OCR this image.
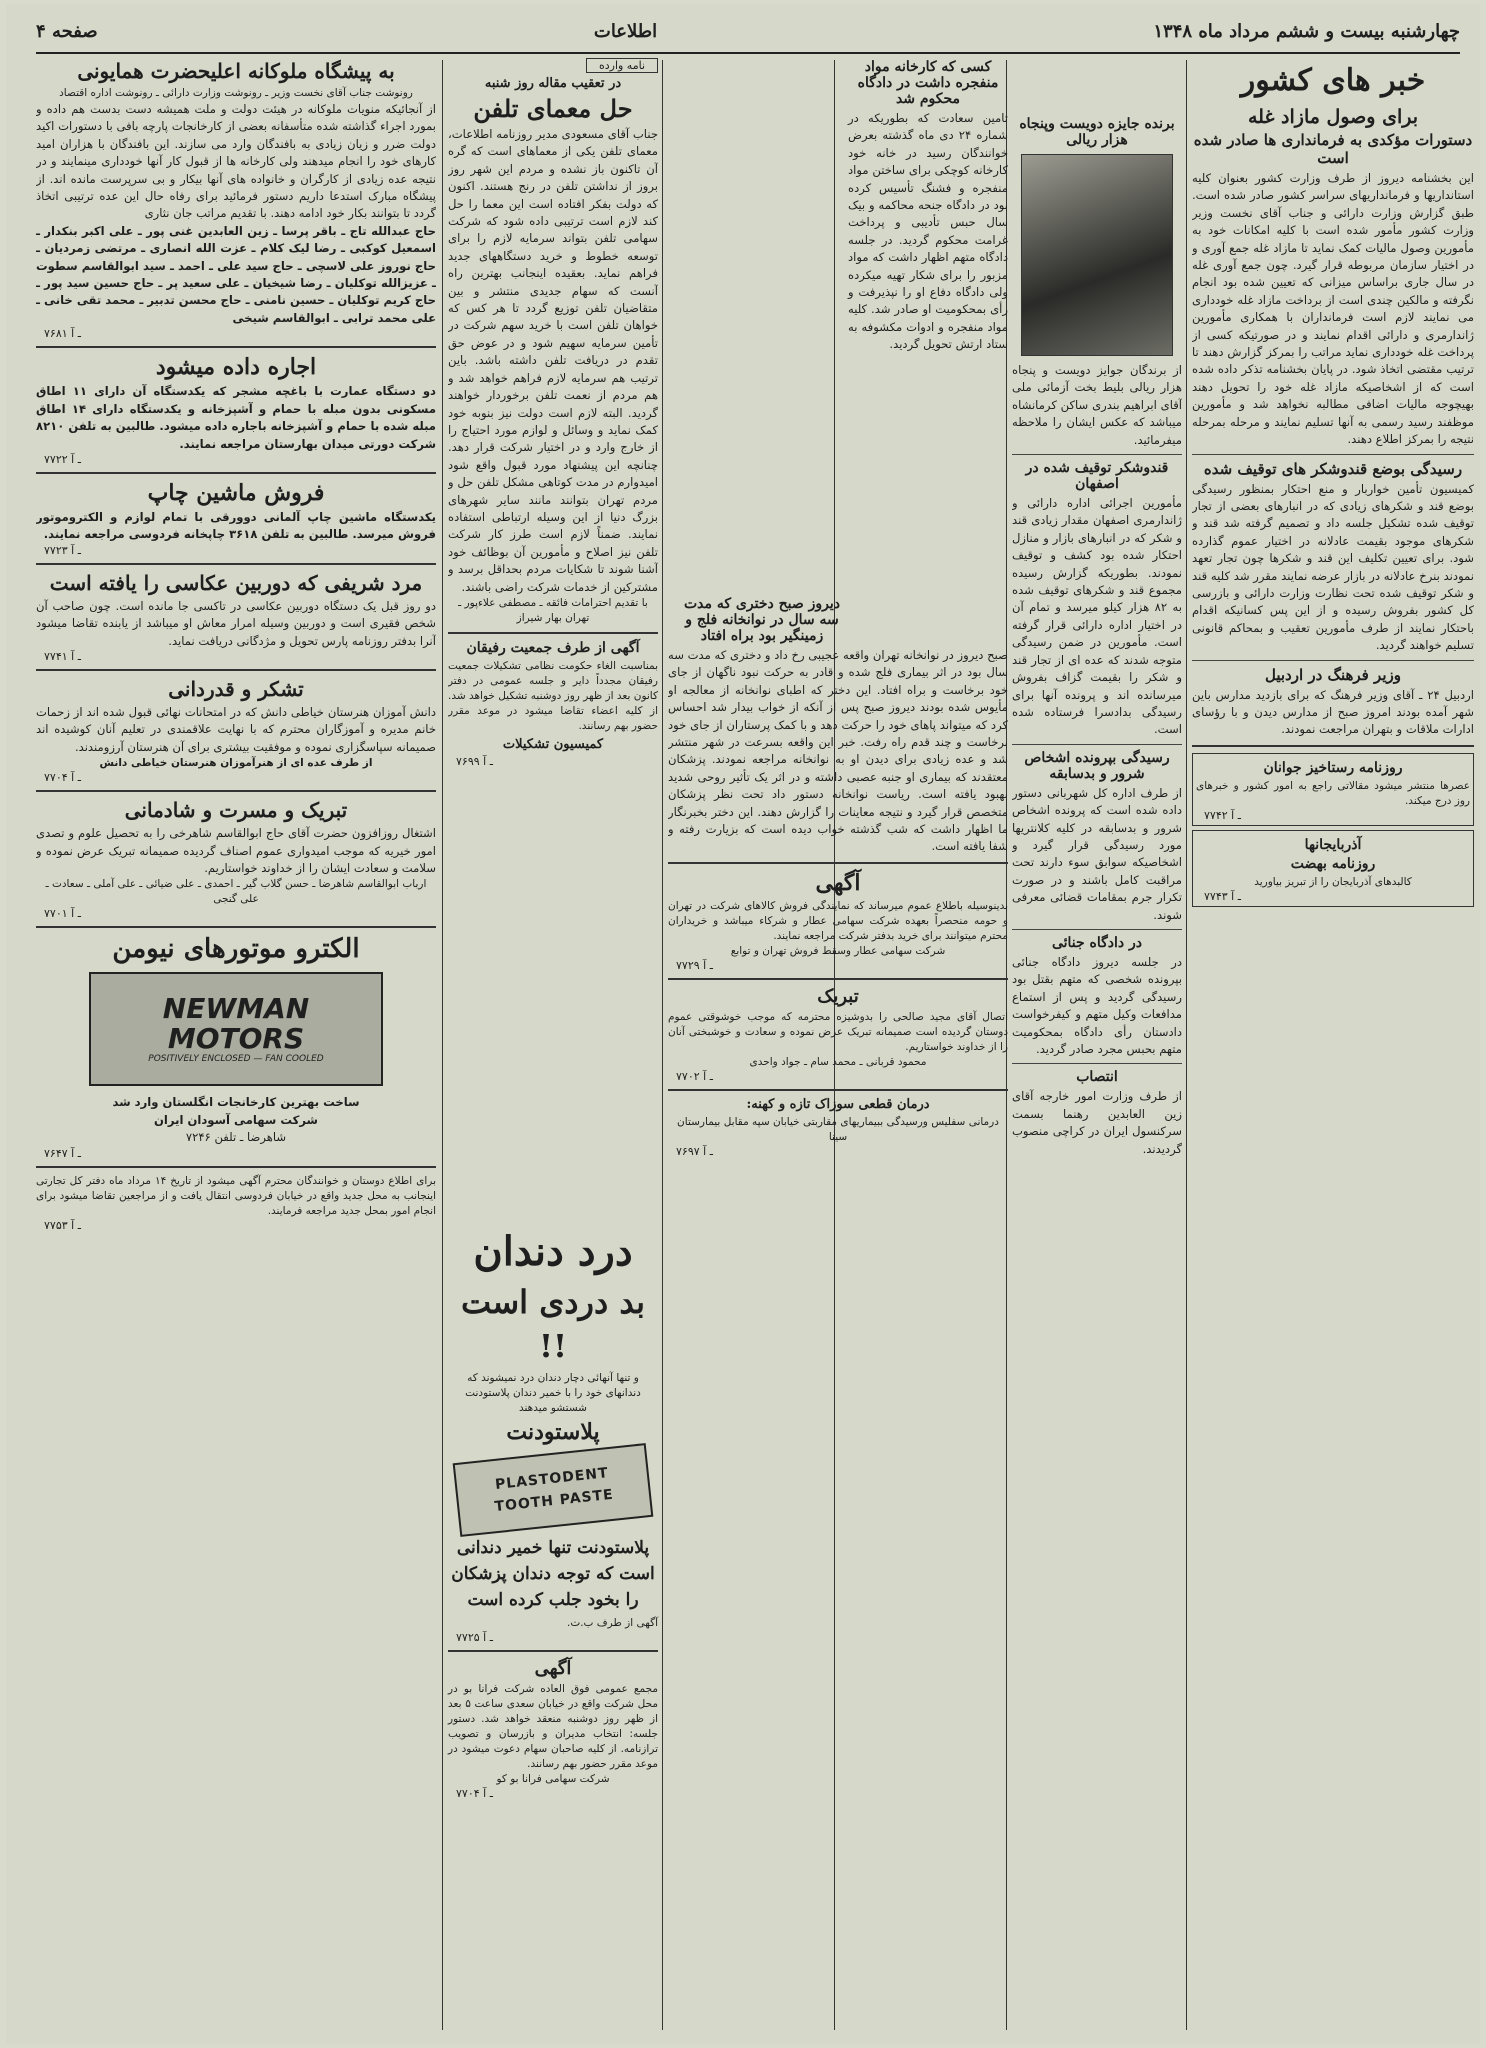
چهارشنبه بیست و ششم مرداد ماه ۱۳۴۸
اطلاعات
صفحه ۴
خبر های کشور
برای وصول مازاد غله
دستورات مؤکدی به فرمانداری ها صادر شده است

این بخشنامه دیروز از طرف وزارت کشور بعنوان کلیه استانداریها و فرمانداریهای سراسر کشور صادر شده است. طبق گزارش وزارت دارائی و جناب آقای نخست وزیر وزارت کشور مأمور شده است با کلیه امکانات خود به مأمورین وصول مالیات کمک نماید تا مازاد غله جمع آوری و در اختیار سازمان مربوطه قرار گیرد. چون جمع آوری غله در سال جاری براساس میزانی که تعیین شده بود انجام نگرفته و مالکین چندی است از برداخت مازاد غله خودداری می نمایند لازم است فرمانداران با همکاری مأمورین ژاندارمری و دارائی اقدام نمایند و در صورتیکه کسی از پرداخت غله خودداری نماید مراتب را بمرکز گزارش دهند تا ترتیب مقتضی اتخاذ شود. در پایان بخشنامه تذکر داده شده است که از اشخاصیکه مازاد غله خود را تحویل دهند بهیچوجه مالیات اضافی مطالبه نخواهد شد و مأمورین موظفند رسید رسمی به آنها تسلیم نمایند و مرحله بمرحله نتیجه را بمرکز اطلاع دهند.

رسیدگی بوضع قندوشکر های توقیف شده

کمیسیون تأمین خواربار و منع احتکار بمنظور رسیدگی بوضع قند و شکرهای زیادی که در انبارهای بعضی از تجار توقیف شده تشکیل جلسه داد و تصمیم گرفته شد قند و شکرهای موجود بقیمت عادلانه در اختیار عموم گذارده شود. برای تعیین تکلیف این قند و شکرها چون تجار تعهد نمودند بنرخ عادلانه در بازار عرضه نمایند مقرر شد کلیه قند و شکر توقیف شده تحت نظارت وزارت دارائی و بازرسی کل کشور بفروش رسیده و از این پس کسانیکه اقدام باحتکار نمایند از طرف مأمورین تعقیب و بمحاکم قانونی تسلیم خواهند گردید.

وزیر فرهنگ در اردبیل

اردبیل ۲۴ ـ آقای وزیر فرهنگ که برای بازدید مدارس باین شهر آمده بودند امروز صبح از مدارس دیدن و با رؤسای ادارات ملاقات و بتهران مراجعت نمودند.

روزنامه رستاخیز جوانان

عصرها منتشر میشود مقالاتی راجع به امور کشور و خبرهای روز درج میکند.

۷۷۴۲ ـ آ
آذربایجانها
روزنامه بهضت

کالبدهای آذربایجان را از تبریز بیاورید

۷۷۴۳ ـ آ
برنده جایزه دویست وپنجاه هزار ریالی

از برندگان جوایز دویست و پنجاه هزار ریالی بلیط بخت آزمائی ملی آقای ابراهیم بندری ساکن کرمانشاه میباشد که عکس ایشان را ملاحظه میفرمائید.

قندوشکر توقیف شده در اصفهان

مأمورین اجرائی اداره دارائی و ژاندارمری اصفهان مقدار زیادی قند و شکر که در انبارهای بازار و منازل احتکار شده بود کشف و توقیف نمودند. بطوریکه گزارش رسیده مجموع قند و شکرهای توقیف شده به ۸۲ هزار کیلو میرسد و تمام آن در اختیار اداره دارائی قرار گرفته است. مأمورین در ضمن رسیدگی متوجه شدند که عده ای از تجار قند و شکر را بقیمت گزاف بفروش میرسانده اند و پرونده آنها برای رسیدگی بدادسرا فرستاده شده است.

رسیدگی بپرونده اشخاص شرور و بدسابقه

از طرف اداره کل شهربانی دستور داده شده است که پرونده اشخاص شرور و بدسابقه در کلیه کلانتریها مورد رسیدگی قرار گیرد و اشخاصیکه سوابق سوء دارند تحت مراقبت کامل باشند و در صورت تکرار جرم بمقامات قضائی معرفی شوند.

در دادگاه جنائی

در جلسه دیروز دادگاه جنائی بپرونده شخصی که متهم بقتل بود رسیدگی گردید و پس از استماع مدافعات وکیل متهم و کیفرخواست دادستان رأی دادگاه بمحکومیت متهم بحبس مجرد صادر گردید.

انتصاب

از طرف وزارت امور خارجه آقای زین العابدین رهنما بسمت سرکنسول ایران در کراچی منصوب گردیدند.

کسی که کارخانه مواد منفجره داشت در دادگاه محکوم شد

تامین سعادت که بطوریکه در شماره ۲۴ دی ماه گذشته بعرض خوانندگان رسید در خانه خود کارخانه کوچکی برای ساختن مواد منفجره و فشنگ تأسیس کرده بود در دادگاه جنحه محاکمه و بیک سال حبس تأدیبی و پرداخت غرامت محکوم گردید. در جلسه دادگاه متهم اظهار داشت که مواد مزبور را برای شکار تهیه میکرده ولی دادگاه دفاع او را نپذیرفت و رأی بمحکومیت او صادر شد. کلیه مواد منفجره و ادوات مکشوفه به ستاد ارتش تحویل گردید.

دیروز صبح دختری که مدت سه سال در نوانخانه فلج و زمینگیر بود براه افتاد

صبح دیروز در نوانخانه تهران واقعه عجیبی رخ داد و دختری که مدت سه سال بود در اثر بیماری فلج شده و قادر به حرکت نبود ناگهان از جای خود برخاست و براه افتاد. این دختر که اطبای نوانخانه از معالجه او مأیوس شده بودند دیروز صبح پس از آنکه از خواب بیدار شد احساس کرد که میتواند پاهای خود را حرکت دهد و با کمک پرستاران از جای خود برخاست و چند قدم راه رفت. خبر این واقعه بسرعت در شهر منتشر شد و عده زیادی برای دیدن او به نوانخانه مراجعه نمودند. پزشکان معتقدند که بیماری او جنبه عصبی داشته و در اثر یک تأثیر روحی شدید بهبود یافته است. ریاست نوانخانه دستور داد تحت نظر پزشکان متخصص قرار گیرد و نتیجه معاینات را گزارش دهند. این دختر بخبرنگار ما اظهار داشت که شب گذشته خواب دیده است که بزیارت رفته و شفا یافته است.

آگهی

بدینوسیله باطلاع عموم میرساند که نمایندگی فروش کالاهای شرکت در تهران و حومه منحصراً بعهده شرکت سهامی عطار و شرکاء میباشد و خریداران محترم میتوانند برای خرید بدفتر شرکت مراجعه نمایند.

شرکت سهامی عطار وسقط فروش تهران و توابع

۷۷۲۹ ـ آ
تبریک

اتصال آقای مجید صالحی را بدوشیزه محترمه که موجب خوشوقتی عموم دوستان گردیده است صمیمانه تبریک عرض نموده و سعادت و خوشبختی آنان را از خداوند خواستاریم.

محمود قربانی ـ محمد سام ـ جواد واحدی

۷۷۰۲ ـ آ
درمان قطعی سوزاک تازه و کهنه:

درمانی سفلیس ورسیدگی ببیماریهای مقاربتی خیابان سپه مقابل بیمارستان سینا

۷۶۹۷ ـ آ
نامه وارده
در تعقیب مقاله روز شنبه
حل معمای تلفن

جناب آقای مسعودی مدیر روزنامه اطلاعات، معمای تلفن یکی از معماهای است که گره آن تاکنون باز نشده و مردم این شهر روز بروز از نداشتن تلفن در رنج هستند. اکنون که دولت بفکر افتاده است این معما را حل کند لازم است ترتیبی داده شود که شرکت سهامی تلفن بتواند سرمایه لازم را برای توسعه خطوط و خرید دستگاههای جدید فراهم نماید. بعقیده اینجانب بهترین راه آنست که سهام جدیدی منتشر و بین متقاضیان تلفن توزیع گردد تا هر کس که خواهان تلفن است با خرید سهم شرکت در تأمین سرمایه سهیم شود و در عوض حق تقدم در دریافت تلفن داشته باشد. باین ترتیب هم سرمایه لازم فراهم خواهد شد و هم مردم از نعمت تلفن برخوردار خواهند گردید. البته لازم است دولت نیز بنوبه خود کمک نماید و وسائل و لوازم مورد احتیاج را از خارج وارد و در اختیار شرکت قرار دهد. چنانچه این پیشنهاد مورد قبول واقع شود امیدوارم در مدت کوتاهی مشکل تلفن حل و مردم تهران بتوانند مانند سایر شهرهای بزرگ دنیا از این وسیله ارتباطی استفاده نمایند. ضمناً لازم است طرز کار شرکت تلفن نیز اصلاح و مأمورین آن بوظائف خود آشنا شوند تا شکایات مردم بحداقل برسد و مشترکین از خدمات شرکت راضی باشند.

با تقدیم احترامات فائقه ـ مصطفی علاءپور ـ تهران بهار شیراز

آگهی از طرف جمعیت رفیقان

بمناسبت الغاء حکومت نظامی تشکیلات جمعیت رفیقان مجدداً دایر و جلسه عمومی در دفتر کانون بعد از ظهر روز دوشنبه تشکیل خواهد شد. از کلیه اعضاء تقاضا میشود در موعد مقرر حضور بهم رسانند.

کمیسیون تشکیلات
۷۶۹۹ ـ آ
درد دندان
بد دردی است !!

و تنها آنهائی دچار دندان درد نمیشوند که دندانهای خود را با خمیر دندان پلاستودنت شستشو میدهند

پلاستودنت
PLASTODENT
TOOTH PASTE
پلاستودنت تنها خمیر دندانی است که توجه دندان پزشکان را بخود جلب کرده است

آگهی از طرف ب.ت.

۷۷۲۵ ـ آ
آگهی

مجمع عمومی فوق العاده شرکت فرانا بو در محل شرکت واقع در خیابان سعدی ساعت ۵ بعد از ظهر روز دوشنبه منعقد خواهد شد. دستور جلسه: انتخاب مدیران و بازرسان و تصویب ترازنامه. از کلیه صاحبان سهام دعوت میشود در موعد مقرر حضور بهم رسانند.

شرکت سهامی فرانا بو کو

۷۷۰۴ ـ آ
به پیشگاه ملوکانه اعلیحضرت همایونی

رونوشت جناب آقای نخست وزیر ـ رونوشت وزارت دارائی ـ رونوشت اداره اقتصاد

از آنجائیکه منویات ملوکانه در هیئت دولت و ملت همیشه دست بدست هم داده و بمورد اجراء گذاشته شده متأسفانه بعضی از کارخانجات پارچه بافی با دستورات اکید دولت ضرر و زیان زیادی به بافندگان وارد می سازند. این بافندگان با هزاران امید کارهای خود را انجام میدهند ولی کارخانه ها از قبول کار آنها خودداری مینمایند و در نتیجه عده زیادی از کارگران و خانواده های آنها بیکار و بی سرپرست مانده اند. از پیشگاه مبارک استدعا داریم دستور فرمائید برای رفاه حال این عده ترتیبی اتخاذ گردد تا بتوانند بکار خود ادامه دهند. با تقدیم مراتب جان نثاری

حاج عبدالله تاج ـ باقر پرسا ـ زین العابدین غنی پور ـ علی اکبر بنکدار ـ اسمعیل کوکبی ـ رضا لیک کلام ـ عزت الله انصاری ـ مرتضی زمردیان ـ حاج نوروز علی لاسچی ـ حاج سید علی ـ احمد ـ سید ابوالقاسم سطوت ـ عزیزالله توکلیان ـ رضا شیخیان ـ علی سعید پر ـ حاج حسین سید پور ـ حاج کریم توکلیان ـ حسین نامنی ـ حاج محسن تدبیر ـ محمد تقی خانی ـ علی محمد ترابی ـ ابوالقاسم شیخی

۷۶۸۱ ـ آ
اجاره داده میشود

دو دستگاه عمارت با باغچه مشجر که یکدستگاه آن دارای ۱۱ اطاق مسکونی بدون مبله با حمام و آشپزخانه و یکدستگاه دارای ۱۴ اطاق مبله شده با حمام و آشپزخانه باجاره داده میشود. طالبین به تلفن ۸۲۱۰ شرکت دورتی میدان بهارستان مراجعه نمایند.

۷۷۲۲ ـ آ
فروش ماشین چاپ

یکدستگاه ماشین چاپ آلمانی دوورقی با تمام لوازم و الکتروموتور فروش میرسد. طالبین به تلفن ۳۶۱۸ چاپخانه فردوسی مراجعه نمایند.

۷۷۲۳ ـ آ
مرد شریفی که دوربین عکاسی را یافته است

دو روز قبل یک دستگاه دوربین عکاسی در تاکسی جا مانده است. چون صاحب آن شخص فقیری است و دوربین وسیله امرار معاش او میباشد از یابنده تقاضا میشود آنرا بدفتر روزنامه پارس تحویل و مژدگانی دریافت نماید.

۷۷۴۱ ـ آ
تشکر و قدردانی

دانش آموزان هنرستان خیاطی دانش که در امتحانات نهائی قبول شده اند از زحمات خانم مدیره و آموزگاران محترم که با نهایت علاقمندی در تعلیم آنان کوشیده اند صمیمانه سپاسگزاری نموده و موفقیت بیشتری برای آن هنرستان آرزومندند.

از طرف عده ای از هنرآموزان هنرستان خیاطی دانش

۷۷۰۴ ـ آ
تبریک و مسرت و شادمانی

اشتغال روزافزون حضرت آقای حاج ابوالقاسم شاهرخی را به تحصیل علوم و تصدی امور خیریه که موجب امیدواری عموم اصناف گردیده صمیمانه تبریک عرض نموده و سلامت و سعادت ایشان را از خداوند خواستاریم.

ارباب ابوالقاسم شاهرضا ـ حسن گلاب گیر ـ احمدی ـ علی ضیائی ـ علی آملی ـ سعادت ـ علی گنجی

۷۷۰۱ ـ آ
الکترو موتورهای نیومن
NEWMAN
MOTORS
POSITIVELY ENCLOSED — FAN COOLED

ساخت بهترین کارخانجات انگلستان وارد شد

شرکت سهامی آسودان ایران

شاهرضا ـ تلفن ۷۲۴۶

۷۶۴۷ ـ آ

برای اطلاع دوستان و خوانندگان محترم آگهی میشود از تاریخ ۱۴ مرداد ماه دفتر کل تجارتی اینجانب به محل جدید واقع در خیابان فردوسی انتقال یافت و از مراجعین تقاضا میشود برای انجام امور بمحل جدید مراجعه فرمایند.

۷۷۵۳ ـ آ
